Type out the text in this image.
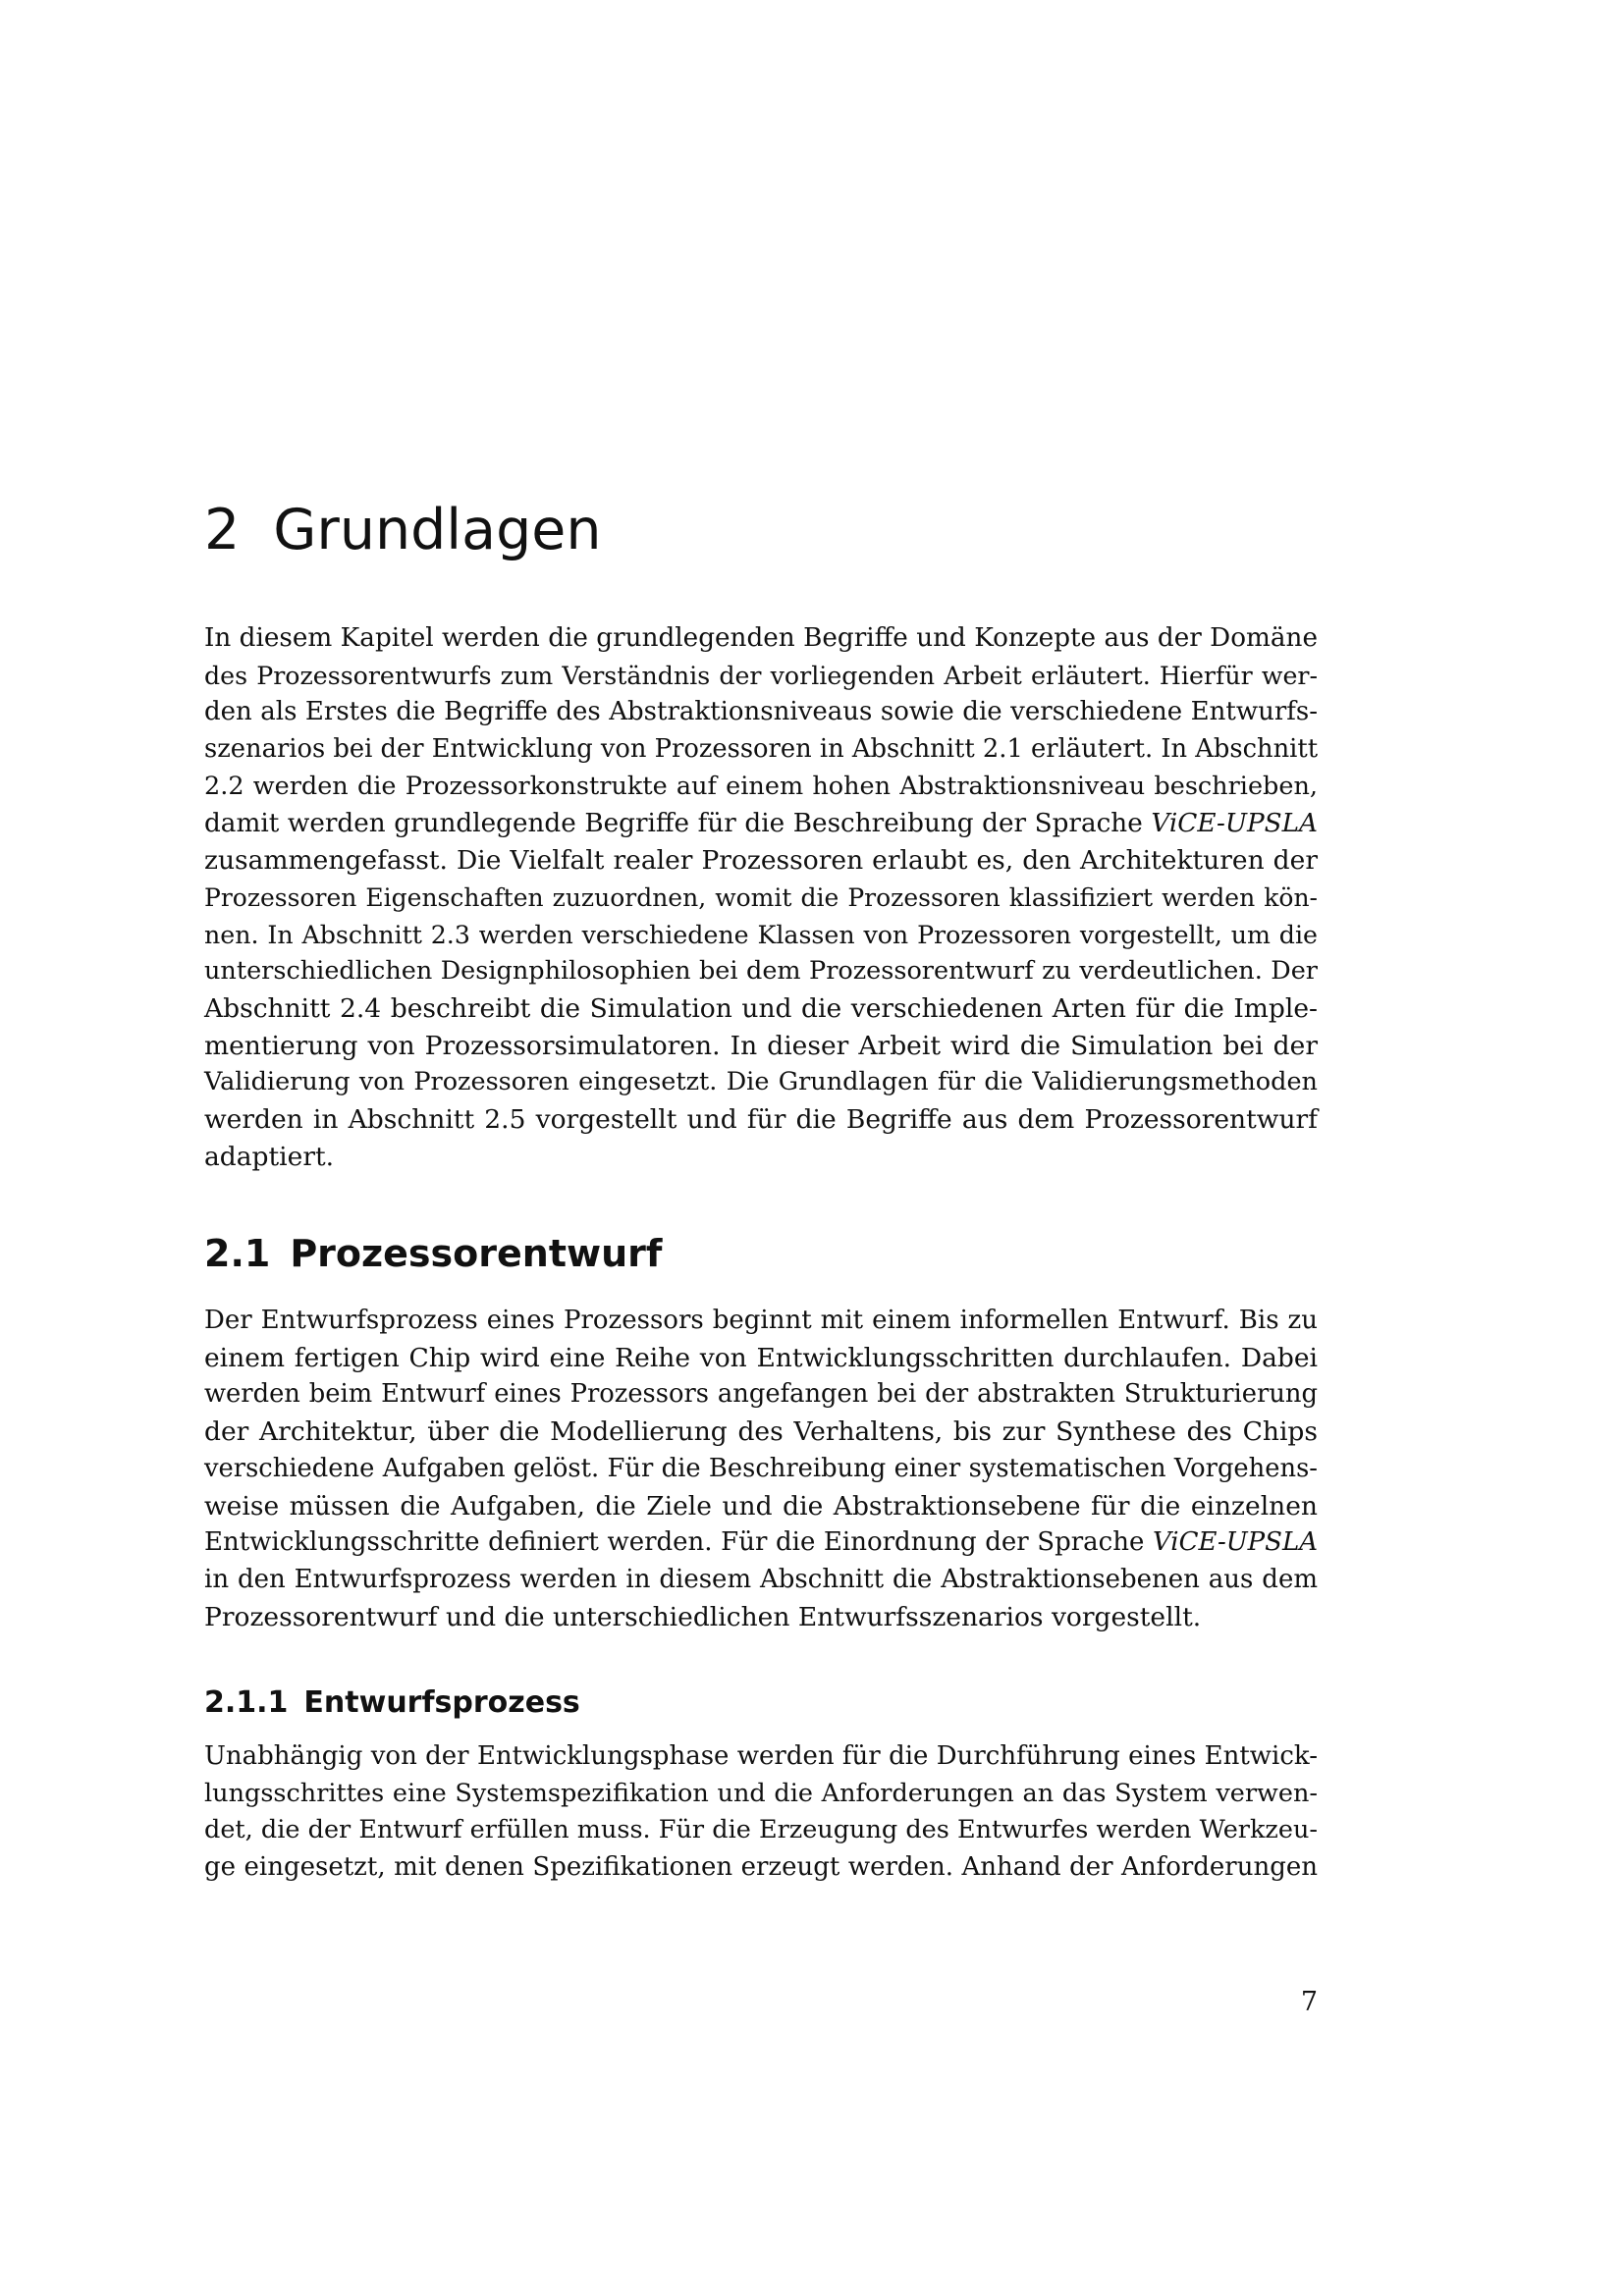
2 Grundlagen

In diesem Kapitel werden die grundlegenden Begriffe und Konzepte aus der Domäne
des Prozessorentwurfs zum Verständnis der vorliegenden Arbeit erläutert. Hierfür wer-
den als Erstes die Begriffe des Abstraktionsniveaus sowie die verschiedene Entwurfs-
szenarios bei der Entwicklung von Prozessoren in Abschnitt 2.1 erläutert. In Abschnitt
2.2 werden die Prozessorkonstrukte auf einem hohen Abstraktionsniveau beschrieben,
damit werden grundlegende Begriffe für die Beschreibung der Sprache ViCE-UPSLA
zusammengefasst. Die Vielfalt realer Prozessoren erlaubt es, den Architekturen der
Prozessoren Eigenschaften zuzuordnen, womit die Prozessoren klassifiziert werden kön-
nen. In Abschnitt 2.3 werden verschiedene Klassen von Prozessoren vorgestellt, um die
unterschiedlichen Designphilosophien bei dem Prozessorentwurf zu verdeutlichen. Der
Abschnitt 2.4 beschreibt die Simulation und die verschiedenen Arten für die Imple-
mentierung von Prozessorsimulatoren. In dieser Arbeit wird die Simulation bei der
Validierung von Prozessoren eingesetzt. Die Grundlagen für die Validierungsmethoden
werden in Abschnitt 2.5 vorgestellt und für die Begriffe aus dem Prozessorentwurf
adaptiert.

2.1 Prozessorentwurf

Der Entwurfsprozess eines Prozessors beginnt mit einem informellen Entwurf. Bis zu
einem fertigen Chip wird eine Reihe von Entwicklungsschritten durchlaufen. Dabei
werden beim Entwurf eines Prozessors angefangen bei der abstrakten Strukturierung
der Architektur, über die Modellierung des Verhaltens, bis zur Synthese des Chips
verschiedene Aufgaben gelöst. Für die Beschreibung einer systematischen Vorgehens-
weise müssen die Aufgaben, die Ziele und die Abstraktionsebene für die einzelnen
Entwicklungsschritte definiert werden. Für die Einordnung der Sprache ViCE-UPSLA
in den Entwurfsprozess werden in diesem Abschnitt die Abstraktionsebenen aus dem
Prozessorentwurf und die unterschiedlichen Entwurfsszenarios vorgestellt.

2.1.1 Entwurfsprozess

Unabhängig von der Entwicklungsphase werden für die Durchführung eines Entwick-
lungsschrittes eine Systemspezifikation und die Anforderungen an das System verwen-
det, die der Entwurf erfüllen muss. Für die Erzeugung des Entwurfes werden Werkzeu-
ge eingesetzt, mit denen Spezifikationen erzeugt werden. Anhand der Anforderungen

7
